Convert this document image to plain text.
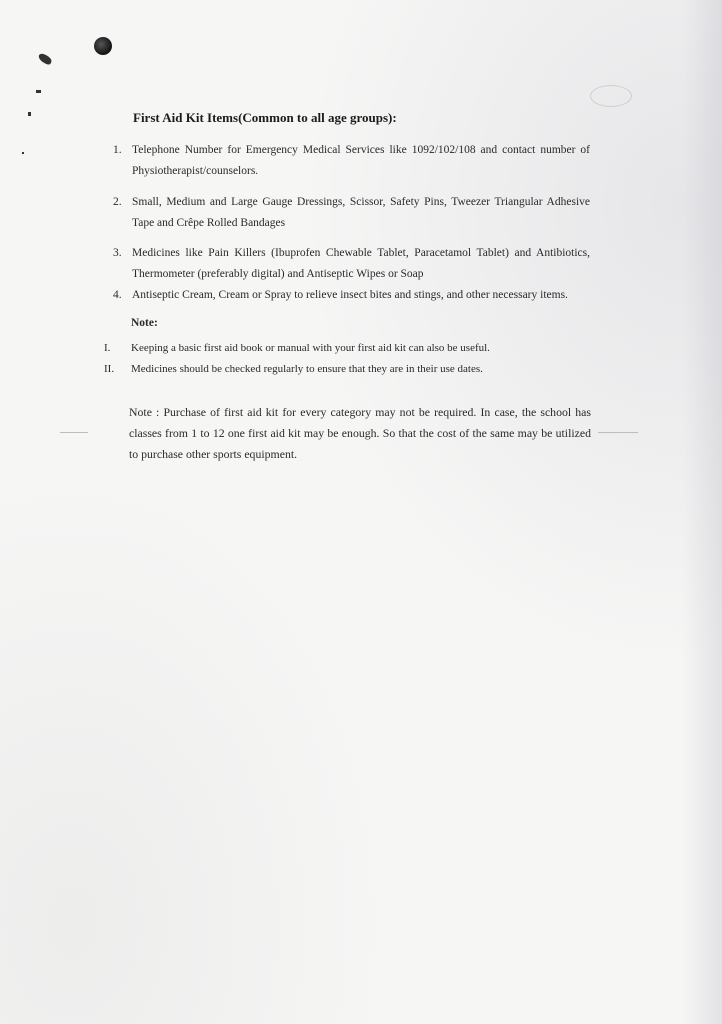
First Aid Kit Items(Common to all age groups):
1. Telephone Number for Emergency Medical Services like 1092/102/108 and contact number of Physiotherapist/counselors.
2. Small, Medium and Large Gauge Dressings, Scissor, Safety Pins, Tweezer Triangular Adhesive Tape and Crêpe Rolled Bandages
3. Medicines like Pain Killers (Ibuprofen Chewable Tablet, Paracetamol Tablet) and Antibiotics, Thermometer (preferably digital) and Antiseptic Wipes or Soap
4. Antiseptic Cream, Cream or Spray to relieve insect bites and stings, and other necessary items.
Note:
I. Keeping a basic first aid book or manual with your first aid kit can also be useful.
II. Medicines should be checked regularly to ensure that they are in their use dates.
Note : Purchase of first aid kit for every category may not be required. In case, the school has classes from 1 to 12 one first aid kit may be enough. So that the cost of the same may be utilized to purchase other sports equipment.
